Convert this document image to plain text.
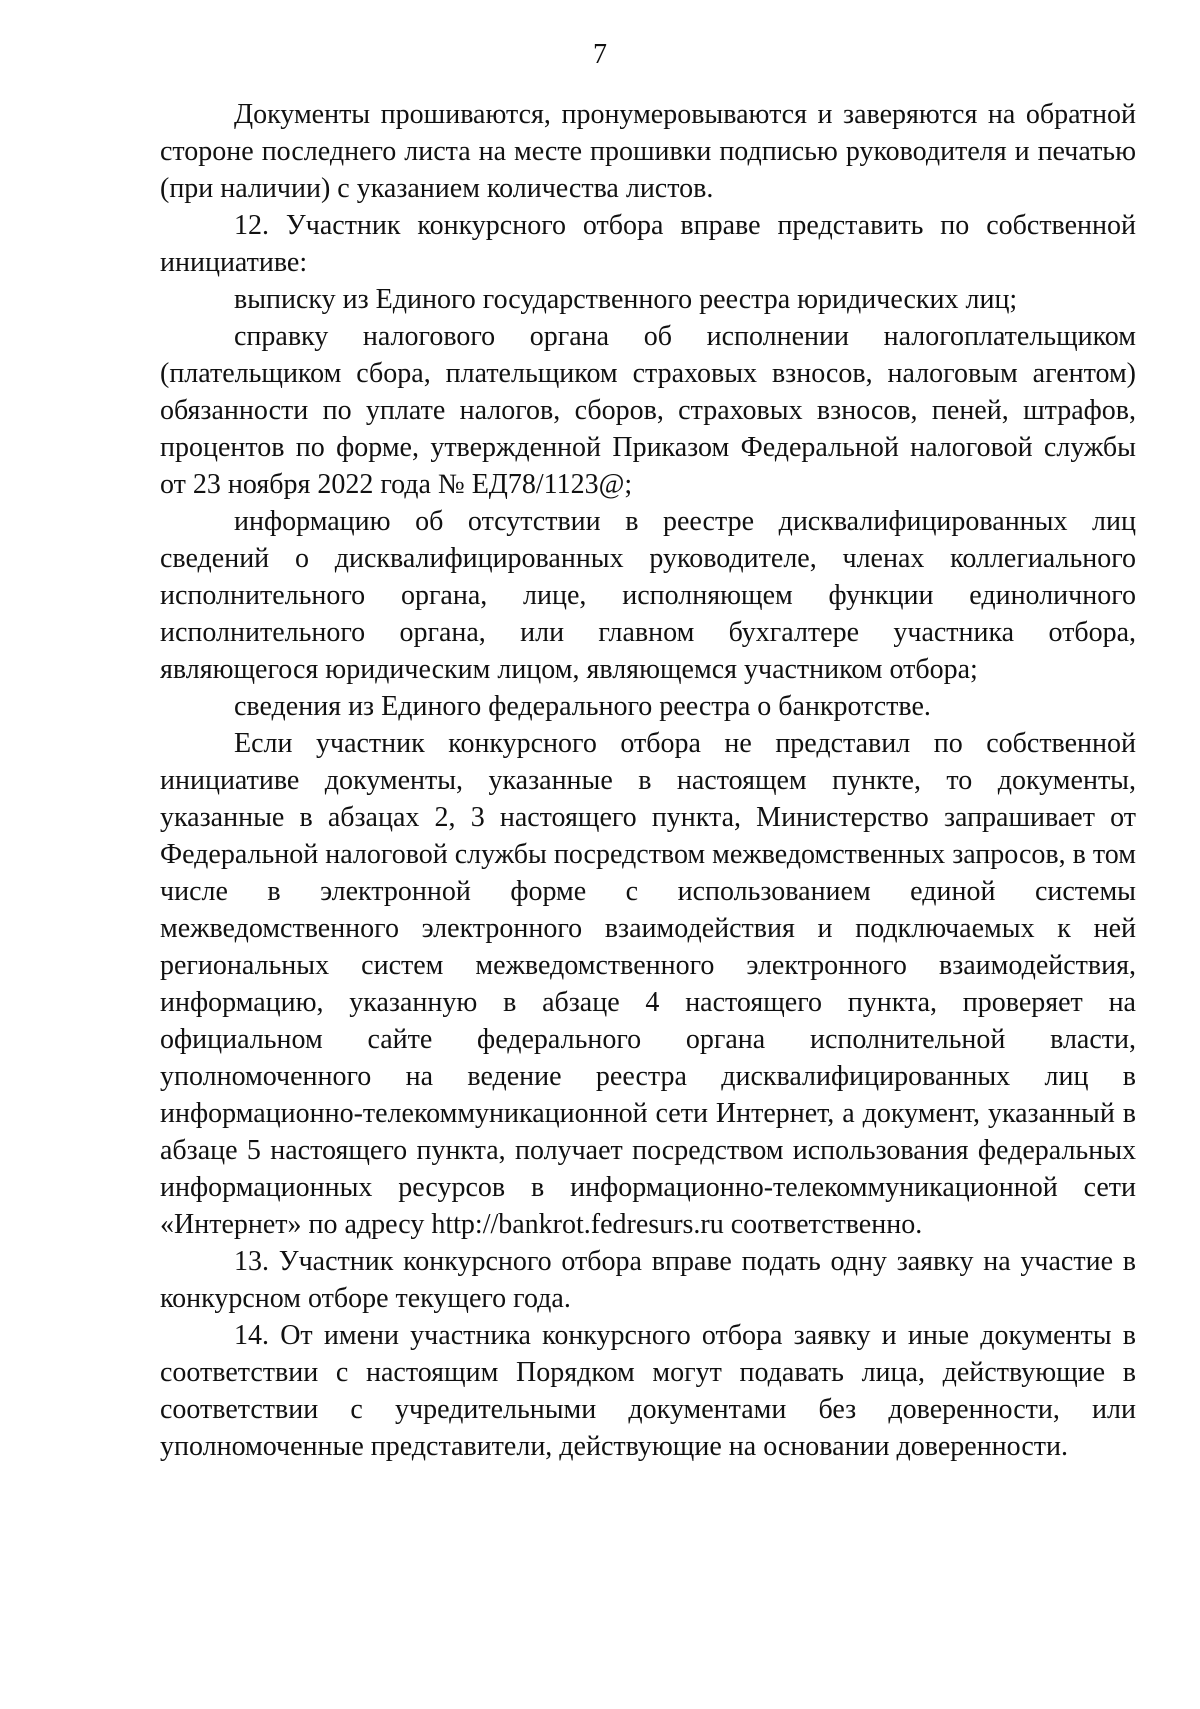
7

Документы прошиваются, пронумеровываются и заверяются на обратной стороне последнего листа на месте прошивки подписью руководителя и печатью (при наличии) с указанием количества листов.

12. Участник конкурсного отбора вправе представить по собственной инициативе:

выписку из Единого государственного реестра юридических лиц;

справку налогового органа об исполнении налогоплательщиком (плательщиком сбора, плательщиком страховых взносов, налоговым агентом) обязанности по уплате налогов, сборов, страховых взносов, пеней, штрафов, процентов по форме, утвержденной Приказом Федеральной налоговой службы от 23 ноября 2022 года № ЕД78/1123@;

информацию об отсутствии в реестре дисквалифицированных лиц сведений о дисквалифицированных руководителе, членах коллегиального исполнительного органа, лице, исполняющем функции единоличного исполнительного органа, или главном бухгалтере участника отбора, являющегося юридическим лицом, являющемся участником отбора;

сведения из Единого федерального реестра о банкротстве.

Если участник конкурсного отбора не представил по собственной инициативе документы, указанные в настоящем пункте, то документы, указанные в абзацах 2, 3 настоящего пункта, Министерство запрашивает от Федеральной налоговой службы посредством межведомственных запросов, в том числе в электронной форме с использованием единой системы межведомственного электронного взаимодействия и подключаемых к ней региональных систем межведомственного электронного взаимодействия, информацию, указанную в абзаце 4 настоящего пункта, проверяет на официальном сайте федерального органа исполнительной власти, уполномоченного на ведение реестра дисквалифицированных лиц в информационно-телекоммуникационной сети Интернет, а документ, указанный в абзаце 5 настоящего пункта, получает посредством использования федеральных информационных ресурсов в информационно-телекоммуникационной сети «Интернет» по адресу http://bankrot.fedresurs.ru соответственно.

13. Участник конкурсного отбора вправе подать одну заявку на участие в конкурсном отборе текущего года.

14. От имени участника конкурсного отбора заявку и иные документы в соответствии с настоящим Порядком могут подавать лица, действующие в соответствии с учредительными документами без доверенности, или уполномоченные представители, действующие на основании доверенности.
